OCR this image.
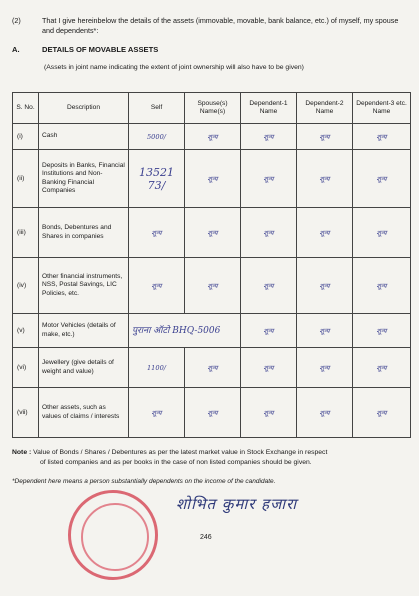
(2)	That I give hereinbelow the details of the assets (immovable, movable, bank balance, etc.) of myself, my spouse and dependents*:
A.	DETAILS OF MOVABLE ASSETS
(Assets in joint name indicating the extent of joint ownership will also have to be given)
S. No.	Description	Self	Spouse(s) Name(s)	Dependent-1 Name	Dependent-2 Name	Dependent-3 etc. Name
(i)	Cash	5000/	शून्य	शून्य	शून्य	शून्य
(ii)	Deposits in Banks, Financial Institutions and Non-Banking Financial Companies	13521 73/	शून्य	शून्य	शून्य	शून्य
(iii)	Bonds, Debentures and Shares in companies	शून्य	शून्य	शून्य	शून्य	शून्य
(iv)	Other financial instruments, NSS, Postal Savings, LIC Policies, etc.	शून्य	शून्य	शून्य	शून्य	शून्य
(v)	Motor Vehicles (details of make, etc.)	पुराना ऑटो BHQ-5006		शून्य	शून्य	शून्य
(vi)	Jewellery (give details of weight and value)	1100/	शून्य	शून्य	शून्य	शून्य
(vii)	Other assets, such as values of claims / interests	शून्य	शून्य	शून्य	शून्य	शून्य
Note : Value of Bonds / Shares / Debentures as per the latest market value in Stock Exchange in respect
of listed companies and as per books in the case of non listed companies should be given.
*Dependent here means a person substantially dependents on the income of the candidate.
शोभित कुमार हजारा
246
